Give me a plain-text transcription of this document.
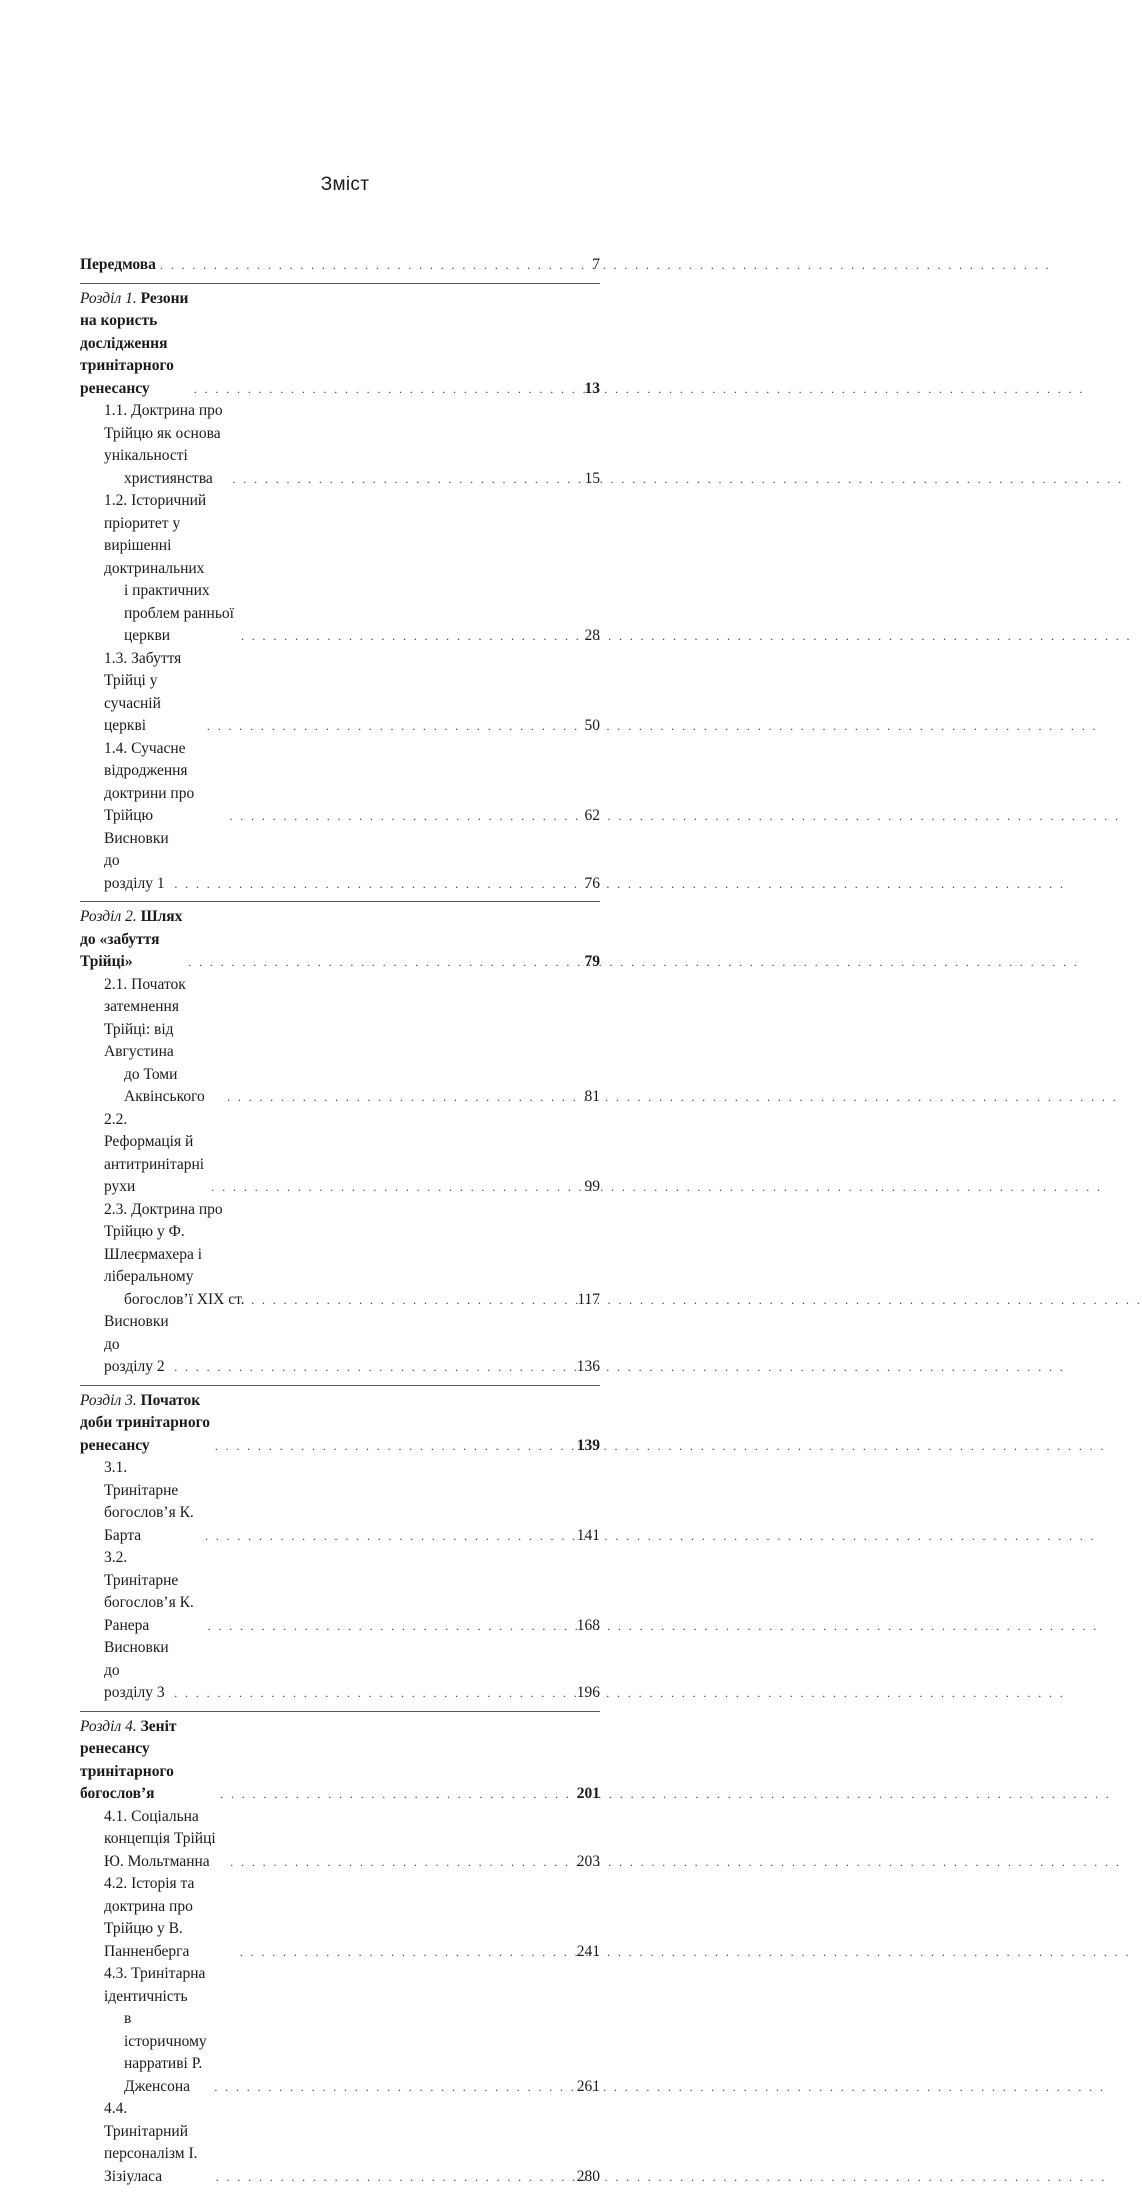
Зміст
Передмова . . .	7
Розділ 1. Резони на користь
дослідження тринітарного ренесансу . . .	13
1.1. Доктрина про Трійцю як основа унікальності
християнства . . .	15
1.2. Історичний пріоритет у вирішенні доктринальних
і практичних проблем ранньої церкви . . .	28
1.3. Забуття Трійці у сучасній церкві . . .	50
1.4. Сучасне відродження доктрини про Трійцю . . .	62
Висновки до розділу 1 . . .	76
Розділ 2. Шлях до «забуття Трійці» . . .	79
2.1. Початок затемнення Трійці: від Августина
до Томи Аквінського . . .	81
2.2. Реформація й антитринітарні рухи . . .	99
2.3. Доктрина про Трійцю у Ф. Шлеєрмахера і ліберальному
богослов’ї XIX ст. . . .	117
Висновки до розділу 2 . . .	136
Розділ 3. Початок доби тринітарного ренесансу . . .	139
3.1. Тринітарне богослов’я К. Барта . . .	141
3.2. Тринітарне богослов’я К. Ранера . . .	168
Висновки до розділу 3 . . .	196
Розділ 4. Зеніт ренесансу тринітарного богослов’я . . .	201
4.1. Соціальна концепція Трійці Ю. Мольтманна . . .	203
4.2. Історія та доктрина про Трійцю у В. Панненберга . . .	241
4.3. Тринітарна ідентичність
в історичному нарративі Р. Дженсона . . .	261
4.4. Тринітарний персоналізм І. Зізіуласа . . .	280
